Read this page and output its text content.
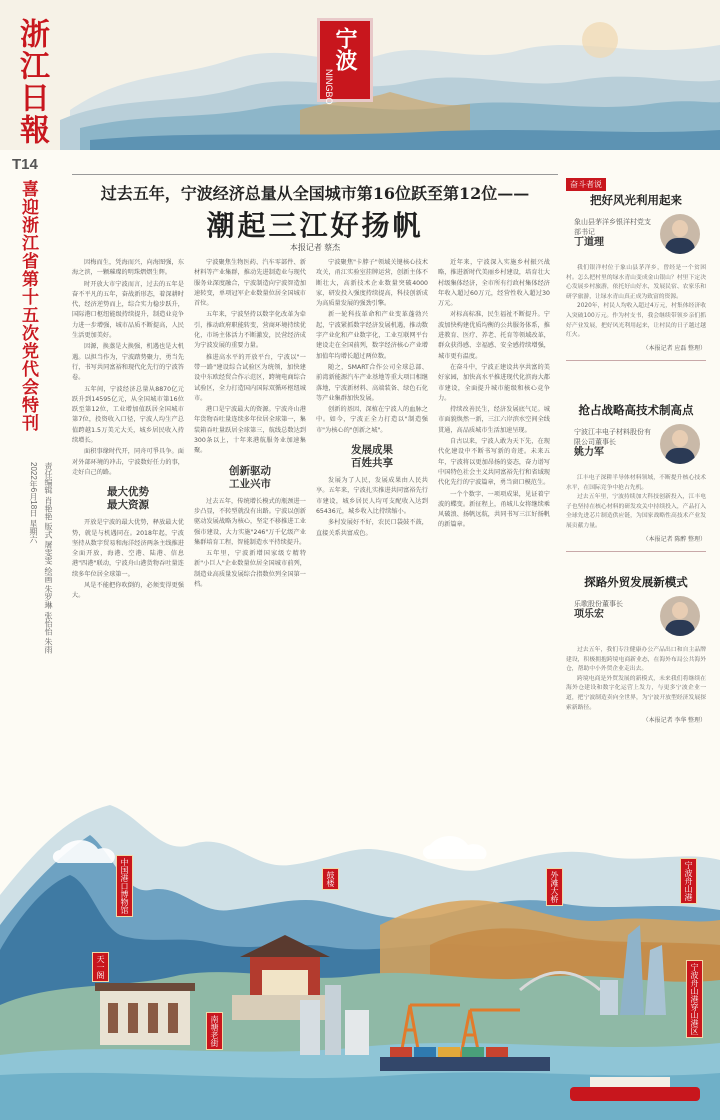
浙江日報
T14
宁波
NINGBO
喜迎浙江省第十五次党代会特刊
责任编辑 肖艳艳 版式 屠雯雯 绘画 朱罗琳 张怡怡 朱雨
2022年6月18日 星期六
过去五年，宁波经济总量从全国城市第16位跃至第12位——
潮起三江好扬帆
本报记者 蔡杰

因梅而生，凭海而兴，向海图强，东海之滨，一颗璀璨的明珠熠熠生辉。

时开放大市宁波而言，过去的五年是奋不平凡的五年，奋战新形态，着深耕时代，经济逆势而上，综合实力稳步跃升，国际港口枢纽能级持续提升，制造业竞争力进一步增强，城市品质不断提高，人民生活更加美好。

因源，换蒸是大换强，机遇也是大机遇。以担当作为，宁波踏势聚力，勇当先行，书写共同富裕和现代化先行的宁波答卷。

五年间，宁波经济总量从8870亿元跃升到14595亿元，从全国城市第16位跃至第12位，工业增加值跃居全国城市第7位，投资收入口径，宁波人均生产总值跨越1.5万美元大关，城乡居民收入持续增长。

面积事缘时代开，同舟可爭具争。面对外部环境的冲击，宁波数好任力的事，走好自己的路。

最大优势
最大资源

开放是宁波的最大优势，释放最大优势，就是与机遇同在。2018年起，宁波坚持从数字贸易和海洋经济两条主线推进全面开放，海港、空港、陆港、信息港"四港"联动，宁波舟山港货物吞吐量连续多年位居全球第一。

风是不能把你吹倒的，必须变得更强大。

宁波聚焦生物医药、汽车零部件、新材料等产业集群，推动先进制造业与现代服务业深度融合，宁波制造向宁波智造加速转变，单项冠军企业数量位居全国城市首位。

五年来，宁波坚持以数字化改革为牵引，推动政府职能转变，营商环境持续优化，市场主体活力不断激发，民营经济成为宁波发展的重要力量。

推进高水平的开放平台，宁波以"一带一路"建设综合试验区为统领，加快建设中东欧经贸合作示范区，跨境电商综合试验区，全力打造国内国际双循环枢纽城市。

港口是宁波最大的资源。宁波舟山港年货物吞吐量连续多年位居全球第一，集装箱吞吐量跃居全球第三，航线总数达到300条以上，十年来港航服务业加速集聚。

创新驱动
工业兴市

过去五年，传统增长模式的瓶颈进一步凸显，不转型就没有出路。宁波以创新驱动发展战略为核心，坚定不移推进工业强市建设，大力实施"246"万千亿级产业集群培育工程，智能制造水平持续提升。

五年里，宁波新增国家级专精特新"小巨人"企业数量位居全国城市前列，制造业高质量发展综合指数位列全国第一档。

宁波聚焦"卡脖子"领域关键核心技术攻关，甬江实验室挂牌运营，创新主体不断壮大，高新技术企业数量突破4000家，研发投入强度持续提高，科技创新成为高质量发展的强劲引擎。

新一轮科技革命和产业变革蓬勃兴起，宁波紧抓数字经济发展机遇，推动数字产业化和产业数字化，工业互联网平台建设走在全国前列，数字经济核心产业增加值年均增长超过两位数。

随之，SMART合作公司全球总部、前湾新能源汽车产业基地等重大项目相继落地，宁波新材料、高端装备、绿色石化等产业集群加快发展。

创新的基因，深植在宁波人的血脉之中。如今，宁波正全力打造以"制造强市"为核心的"创新之城"。

发展成果
百姓共享

发展为了人民，发展成果由人民共享。五年来，宁波扎实推进共同富裕先行市建设，城乡居民人均可支配收入达到65436元，城乡收入比持续缩小。

多村发展好不好，农民口袋鼓不鼓，直接关系共富成色。

近年来，宁波深入实施乡村振兴战略，推进新时代美丽乡村建设，培育壮大村级集体经济，全市所有行政村集体经济年收入超过60万元，经营性收入超过30万元。

对标高标准，民生福祉不断提升。宁波加快构建优质均衡的公共服务体系，推进教育、医疗、养老、托育等领域改革，群众获得感、幸福感、安全感持续增强，城市更有温度。

在奋斗中，宁波正建设共享共富的美好家园，加快高水平推进现代化滨海大都市建设，全面提升城市能级和核心竞争力。

持续改善民生，经济发展底气足。城市面貌焕然一新，三江六岸滨水空间全线贯通，高品质城市生活加速呈现。

自古以来，宁波人敢为天下先，在现代化建设中不断书写新的奇迹。未来五年，宁波将以更加昂扬的姿态，奋力谱写中国特色社会主义共同富裕先行和省域现代化先行的宁波篇章，勇当窗口模范生。

一个个数字、一项项成果，见证着宁波的蝶变。新征程上，甬城儿女将继续乘风破浪、扬帆远航，共同书写三江好扬帆的新篇章。

奋斗者说
把好风光利用起来
象山县茅洋乡银洋村党支部书记
丁道理

我们银洋村位于象山县茅洋乡，曾经是一个贫困村。怎么把村里的绿水青山变成金山银山？村里下定决心发展乡村旅游，依托好山好水，发展民宿、农家乐和研学旅游，让绿水青山真正成为致富的资源。

2020年，村民人均收入超过4万元，村集体经济收入突破100万元。作为村支书，我会继续带领乡亲们抓好产业发展，把好风光利用起来，让村民的日子越过越红火。

（本报记者 应磊 整理）
抢占战略高技术制高点
宁波江丰电子材料股份有限公司董事长
姚力军

江丰电子深耕半导体材料领域，不断提升核心技术水平，在国际竞争中抢占先机。

过去五年里，宁波持续加大科技创新投入，江丰电子也坚持在核心材料的研发攻关中持续投入，产品打入全球先进芯片制造供应链，为国家战略性高技术产业发展贡献力量。

（本报记者 陈醉 整理）
探路外贸发展新模式
乐歌股份董事长
项乐宏

过去五年，我们专注健康办公产品出口和自主品牌建设，积极拥抱跨境电商新业态，在海外布局公共海外仓，帮助中小外贸企业走出去。

跨境电商是外贸发展的新模式，未来我们将继续在海外仓建设和数字化运营上发力，与更多宁波企业一道，把宁波制造卖向全世界，为宁波开放型经济发展探索新路径。

（本报记者 李华 整理）
中国港口博物馆
天一阁
南塘老街
鼓楼	外滩大桥	宁波舟山港
宁波舟山港穿山港区
